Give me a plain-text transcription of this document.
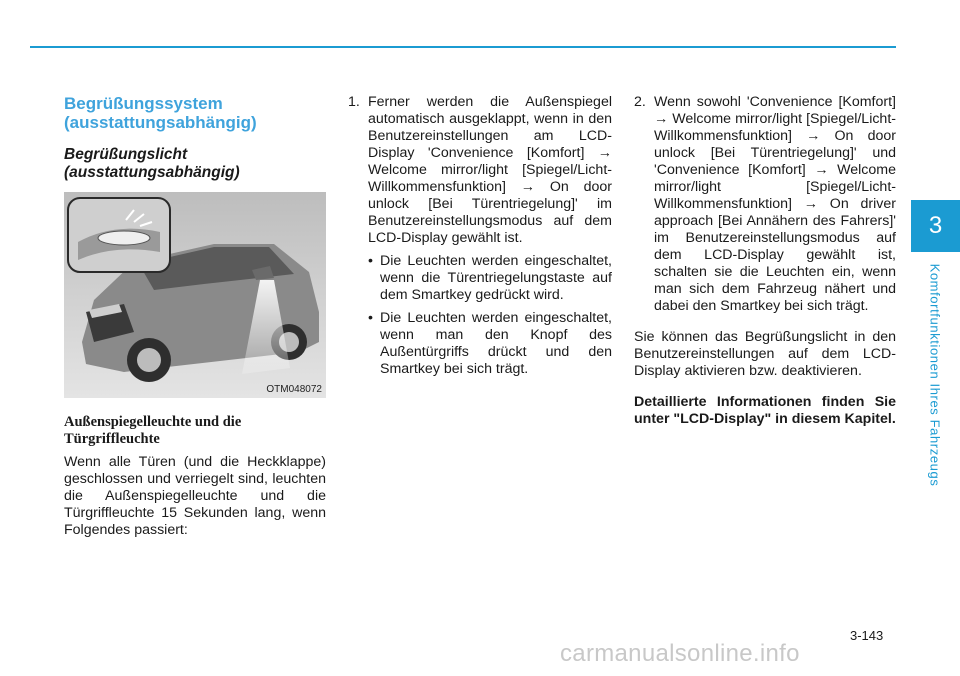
3
Komfortfunktionen Ihres Fahrzeugs
Begrüßungssystem (ausstattungsabhängig)
Begrüßungslicht (ausstattungsabhängig)
OTM048072
Außenspiegelleuchte und die Türgriffleuchte

Wenn alle Türen (und die Heckklappe) geschlossen und verriegelt sind, leuchten die Außenspiegelleuchte und die Türgriffleuchte 15 Sekunden lang, wenn Folgendes passiert:

1. Ferner werden die Außenspiegel automatisch ausgeklappt, wenn in den Benutzereinstellungen am LCD-Display 'Convenience [Komfort] → Welcome mirror/light [Spiegel/Licht-Willkommensfunktion] → On door unlock [Bei Türentriegelung]' im Benutzereinstellungsmodus auf dem LCD-Display gewählt ist.
• Die Leuchten werden eingeschaltet, wenn die Türentriegelungstaste auf dem Smartkey gedrückt wird.
• Die Leuchten werden eingeschaltet, wenn man den Knopf des Außentürgriffs drückt und den Smartkey bei sich trägt.
2. Wenn sowohl 'Convenience [Komfort] → Welcome mirror/light [Spiegel/Licht-Willkommensfunktion] → On door unlock [Bei Türentriegelung]' und 'Convenience [Komfort] → Welcome mirror/light [Spiegel/Licht-Willkommensfunktion] → On driver approach [Bei Annähern des Fahrers]' im Benutzereinstellungsmodus auf dem LCD-Display gewählt ist, schalten sie die Leuchten ein, wenn man sich dem Fahrzeug nähert und dabei den Smartkey bei sich trägt.

Sie können das Begrüßungslicht in den Benutzereinstellungen auf dem LCD-Display aktivieren bzw. deaktivieren.

Detaillierte Informationen finden Sie unter "LCD-Display" in diesem Kapitel.

3-143
carmanualsonline.info
